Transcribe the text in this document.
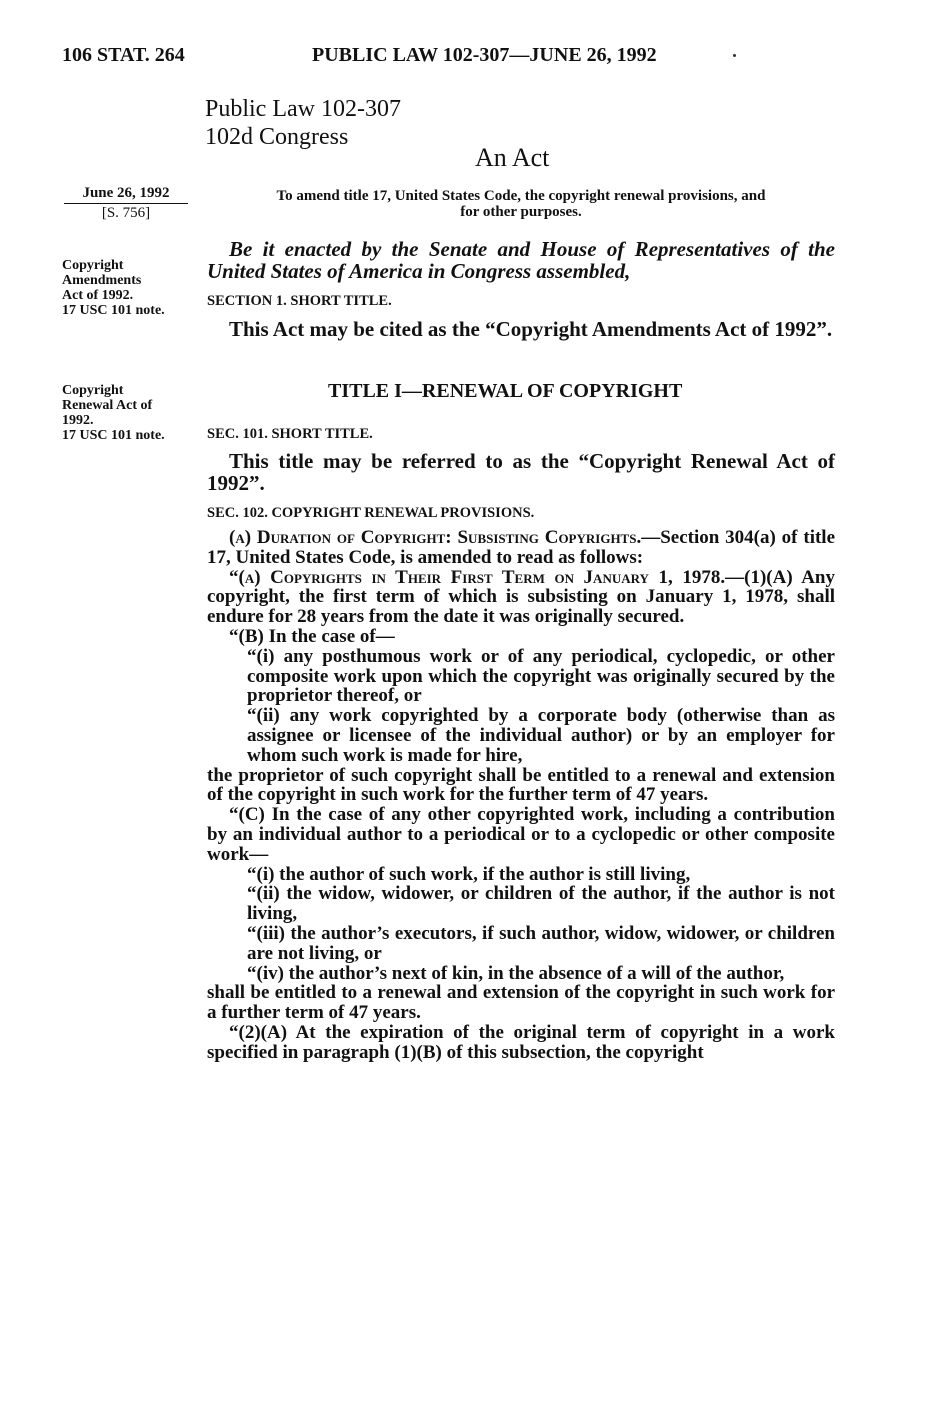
106 STAT. 264	PUBLIC LAW 102-307—JUNE 26, 1992
Public Law 102-307
102d Congress
An Act
June 26, 1992
[S. 756]
Copyright
Amendments
Act of 1992.
17 USC 101 note.
Copyright
Renewal Act of
1992.
17 USC 101 note.
To amend title 17, United States Code, the copyright renewal provisions, and
for other purposes.
Be it enacted by the Senate and House of Representatives of the United States of America in Congress assembled,
SECTION 1. SHORT TITLE.
This Act may be cited as the “Copyright Amendments Act of 1992”.
TITLE I—RENEWAL OF COPYRIGHT
SEC. 101. SHORT TITLE.
This title may be referred to as the “Copyright Renewal Act of 1992”.
SEC. 102. COPYRIGHT RENEWAL PROVISIONS.

(a) Duration of Copyright: Subsisting Copyrights.—Section 304(a) of title 17, United States Code, is amended to read as follows:

“(a) Copyrights in Their First Term on January 1, 1978.—(1)(A) Any copyright, the first term of which is subsisting on January 1, 1978, shall endure for 28 years from the date it was originally secured.

“(B) In the case of—

“(i) any posthumous work or of any periodical, cyclopedic, or other composite work upon which the copyright was originally secured by the proprietor thereof, or

“(ii) any work copyrighted by a corporate body (otherwise than as assignee or licensee of the individual author) or by an employer for whom such work is made for hire,

the proprietor of such copyright shall be entitled to a renewal and extension of the copyright in such work for the further term of 47 years.

“(C) In the case of any other copyrighted work, including a contribution by an individual author to a periodical or to a cyclopedic or other composite work—

“(i) the author of such work, if the author is still living,

“(ii) the widow, widower, or children of the author, if the author is not living,

“(iii) the author’s executors, if such author, widow, widower, or children are not living, or

“(iv) the author’s next of kin, in the absence of a will of the author,

shall be entitled to a renewal and extension of the copyright in such work for a further term of 47 years.

“(2)(A) At the expiration of the original term of copyright in a work specified in paragraph (1)(B) of this subsection, the copyright
